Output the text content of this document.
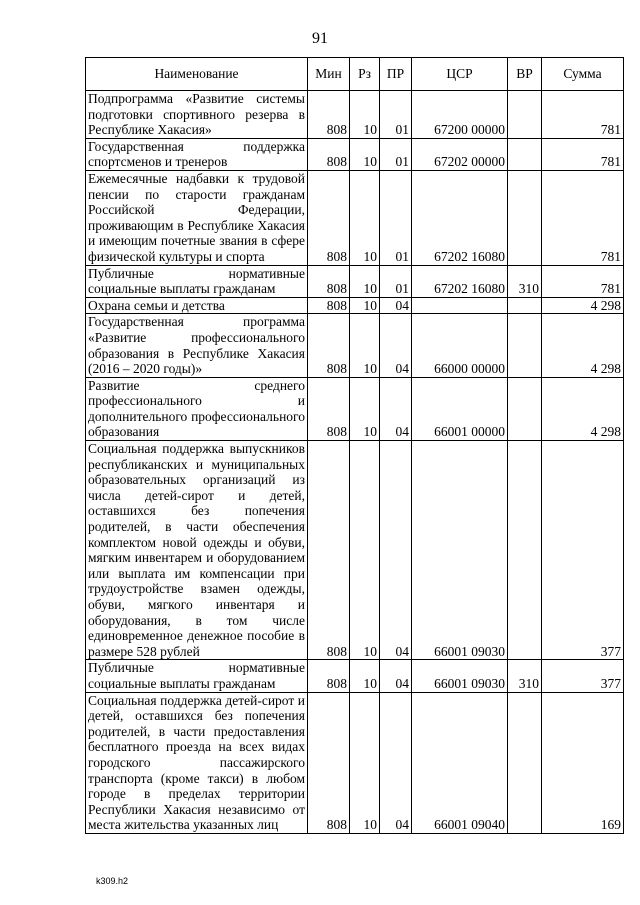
91
Наименование	Мин	Рз	ПР	ЦСР	ВР	Сумма
Подпрограмма «Развитие системы подготовки спортивного резерва в Республике Хакасия»	808	10	01	67200 00000		781
Государственная поддержка спортсменов и тренеров	808	10	01	67202 00000		781
Ежемесячные надбавки к трудовой пенсии по старости гражданам Российской Федерации, проживающим в Республике Хакасия и имеющим почетные звания в сфере физической культуры и спорта	808	10	01	67202 16080		781
Публичные нормативные социальные выплаты гражданам	808	10	01	67202 16080	310	781
Охрана семьи и детства	808	10	04			4 298
Государственная программа «Развитие профессионального образования в Республике Хакасия (2016 – 2020 годы)»	808	10	04	66000 00000		4 298
Развитие среднего профессионального и дополнительного профессионального образования	808	10	04	66001 00000		4 298
Социальная поддержка выпускников республиканских и муниципальных образовательных организаций из числа детей-сирот и детей, оставшихся без попечения родителей, в части обеспечения комплектом новой одежды и обуви, мягким инвентарем и оборудованием или выплата им компенсации при трудоустройстве взамен одежды, обуви, мягкого инвентаря и оборудования, в том числе единовременное денежное пособие в размере 528 рублей	808	10	04	66001 09030		377
Публичные нормативные социальные выплаты гражданам	808	10	04	66001 09030	310	377
Социальная поддержка детей-сирот и детей, оставшихся без попечения родителей, в части предоставления бесплатного проезда на всех видах городского пассажирского транспорта (кроме такси) в любом городе в пределах территории Республики Хакасия независимо от места жительства указанных лиц	808	10	04	66001 09040		169
k309.h2
